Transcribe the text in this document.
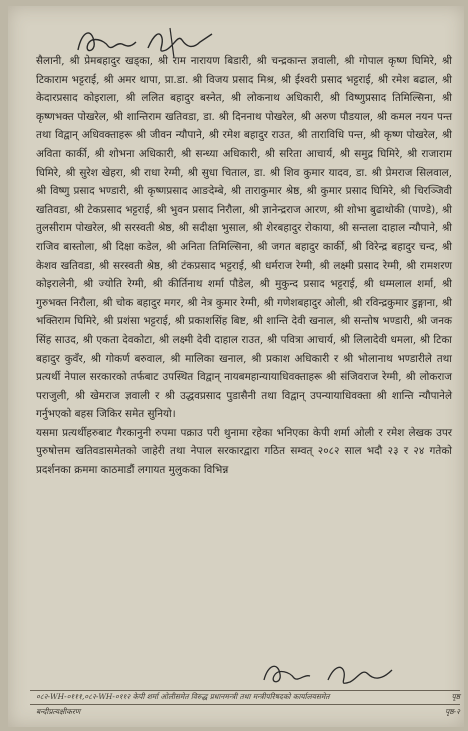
सैलानी, श्री प्रेमबहादुर खड्का, श्री राम नारायण बिडारी, श्री चन्द्रकान्त ज्ञवाली, श्री गोपाल कृष्ण घिमिरे, श्री टिकाराम भट्टराई, श्री अमर थापा, प्रा.डा. श्री विजय प्रसाद मिश्र, श्री ईश्वरी प्रसाद भट्टराई, श्री रमेश बढाल, श्री केदारप्रसाद कोइराला, श्री ललित बहादुर बस्नेत, श्री लोकनाथ अधिकारी, श्री विष्णुप्रसाद तिमिल्सिना, श्री कृष्णभक्त पोखरेल, श्री शान्तिराम खतिवडा, डा. श्री दिननाथ पोखरेल, श्री अरुण पौडयाल, श्री कमल नयन पन्त तथा विद्वान् अधिवक्ताहरू श्री जीवन न्यौपाने, श्री रमेश बहादुर राउत, श्री ताराविधि पन्त, श्री कृष्ण पोखरेल, श्री अविता कार्की, श्री शोभना अधिकारी, श्री सन्ध्या अधिकारी, श्री सरिता आचार्य, श्री समुद्र घिमिरे, श्री राजाराम घिमिरे, श्री सुरेश खेहरा, श्री राधा रेग्मी, श्री सुधा चिताल, डा. श्री शिव कुमार यादव, डा. श्री प्रेमराज सिलवाल, श्री विष्णु प्रसाद भण्डारी, श्री कृष्णप्रसाद आङदेम्बे, श्री ताराकुमार श्रेष्ठ, श्री कुमार प्रसाद घिमिरे, श्री चिरञ्जिवी खतिवडा, श्री टेकप्रसाद भट्टराई, श्री भुवन प्रसाद निरौला, श्री ज्ञानेन्द्रराज आरण, श्री शोभा बुढाथोकी (पाण्डे), श्री तुलसीराम पोखरेल, श्री सरस्वती श्रेष्ठ, श्री सदीक्षा भुसाल, श्री शेरबहादुर रोकाया, श्री सन्तला दाहाल न्यौपाने, श्री राजिव बास्तोला, श्री दिक्षा कडेल, श्री अनिता तिमिल्सिना, श्री जगत बहादुर कार्की, श्री विरेन्द्र बहादुर चन्द, श्री केशव खतिवडा, श्री सरस्वती श्रेष्ठ, श्री टंकप्रसाद भट्टराई, श्री धर्मराज रेग्मी, श्री लक्ष्मी प्रसाद रेग्मी, श्री रामशरण कोइरालेनी, श्री ज्योति रेग्मी, श्री कीर्तिनाथ शर्मा पौडेल, श्री मुकुन्द प्रसाद भट्टराई, श्री धम्मलाल शर्मा, श्री गुरुभक्त निरौला, श्री चोक बहादुर मगर, श्री नेत्र कुमार रेग्मी, श्री गणेशबहादुर ओली, श्री रविन्द्रकुमार डुङ्गाना, श्री भक्तिराम घिमिरे, श्री प्रशंसा भट्टराई, श्री प्रकाशसिंह बिष्ट, श्री शान्ति देवी खनाल, श्री सन्तोष भण्डारी, श्री जनक सिंह साउद, श्री एकता देवकोटा, श्री लक्ष्मी देवी दाहाल राउत, श्री पवित्रा आचार्य, श्री लिलादेवी धमला, श्री टिका बहादुर कुवँर, श्री गोकर्ण बरुवाल, श्री मालिका खनाल, श्री प्रकाश अधिकारी र श्री भोलानाथ भण्डारीले तथा प्रत्यर्थी नेपाल सरकारको तर्फबाट उपस्थित विद्वान् नायबमहान्यायाधिवक्ताहरू श्री संजिवराज रेग्मी, श्री लोकराज पराजुली, श्री खेमराज ज्ञवाली र श्री उद्धवप्रसाद पुडासैनी तथा विद्वान् उपन्यायाधिवक्ता श्री शान्ति न्यौपानेले गर्नुभएको बहस जिकिर समेत सुनियो।

यसमा प्रत्यर्थीहरुबाट गैरकानुनी रुपमा पक्राउ परी थुनामा रहेका भनिएका केपी शर्मा ओली र रमेश लेखक उपर पुरुषोत्तम खतिवडासमेतको जाहेरी तथा नेपाल सरकारद्वारा गठित सम्वत् २०८२ साल भदौ २३ र २४ गतेको प्रदर्शनका क्रममा काठमाडौं लगायत मुलुकका विभिन्न

०८२-WH-०१११,०८२-WH-०११२ केपी शर्मा ओलीसमेत विरुद्ध प्रधानमन्त्री तथा मन्त्रीपरिषदको कार्यालयसमेत	पृष्ठ
बन्दीप्रत्यक्षीकरण	पृष्ठ-२
